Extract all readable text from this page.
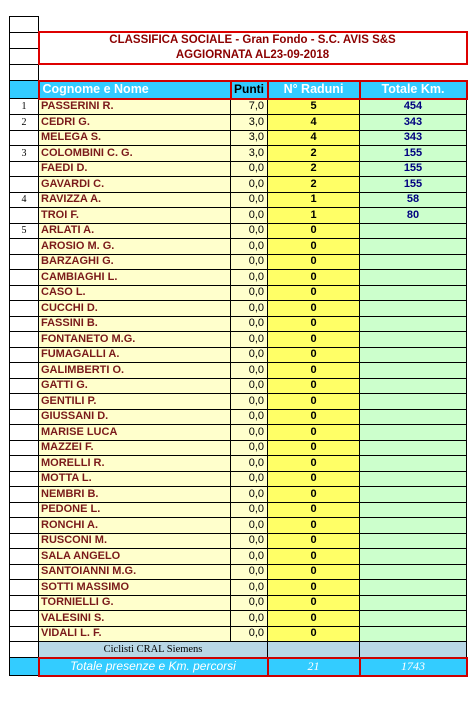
	CLASSIFICA SOCIALE - Gran Fondo - S.C. AVIS S&S
AGGIORNATA AL23-09-2018			

	Cognome e Nome	Punti	N° Raduni	Totale Km.
1	PASSERINI R.	7,0	5	454
2	CEDRI G.	3,0	4	343
	MELEGA S.	3,0	4	343
3	COLOMBINI C. G.	3,0	2	155
	FAEDI D.	0,0	2	155
	GAVARDI C.	0,0	2	155
4	RAVIZZA A.	0,0	1	58
	TROI F.	0,0	1	80
5	ARLATI A.	0,0	0	
	AROSIO M. G.	0,0	0	
	BARZAGHI G.	0,0	0	
	CAMBIAGHI L.	0,0	0	
	CASO L.	0,0	0	
	CUCCHI D.	0,0	0	
	FASSINI B.	0,0	0	
	FONTANETO M.G.	0,0	0	
	FUMAGALLI A.	0,0	0	
	GALIMBERTI O.	0,0	0	
	GATTI G.	0,0	0	
	GENTILI P.	0,0	0	
	GIUSSANI D.	0,0	0	
	MARISE LUCA	0,0	0	
	MAZZEI F.	0,0	0	
	MORELLI R.	0,0	0	
	MOTTA L.	0,0	0	
	NEMBRI B.	0,0	0	
	PEDONE L.	0,0	0	
	RONCHI A.	0,0	0	
	RUSCONI M.	0,0	0	
	SALA ANGELO	0,0	0	
	SANTOIANNI M.G.	0,0	0	
	SOTTI MASSIMO	0,0	0	
	TORNIELLI G.	0,0	0	
	VALESINI S.	0,0	0	
	VIDALI L. F.	0,0	0	
	Ciclisti CRAL Siemens			
	Totale presenze e Km. percorsi		21	1743
